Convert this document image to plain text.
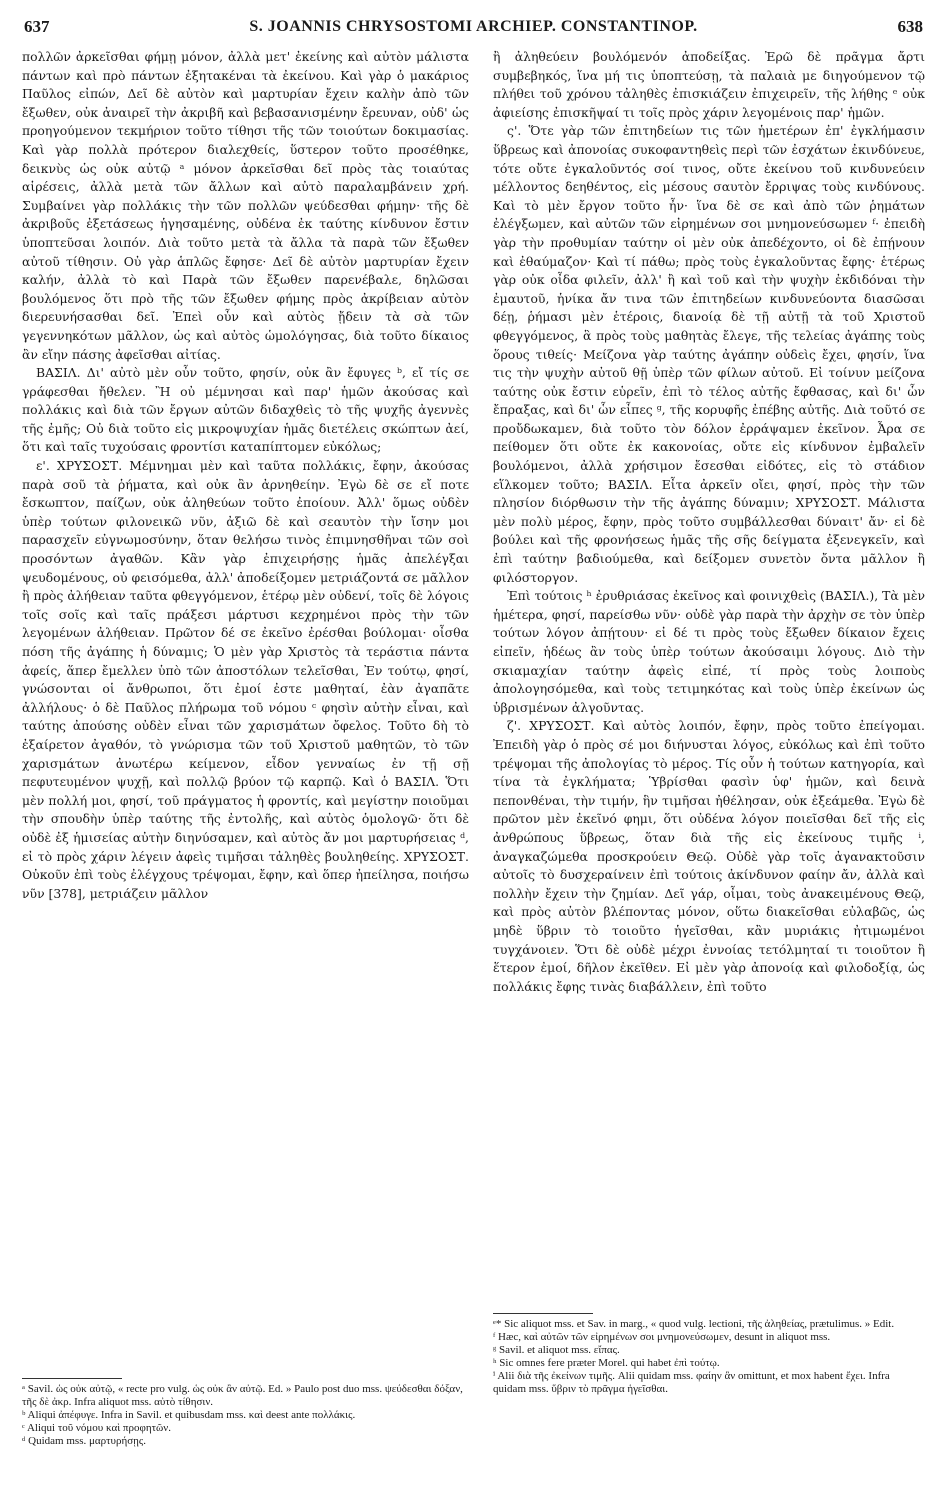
637	S. JOANNIS CHRYSOSTOMI ARCHIEP. CONSTANTINOP.	638

πολλῶν ἀρκεῖσθαι φήμῃ μόνον, ἀλλὰ μετ' ἐκείνης καὶ αὐτὸν μάλιστα πάντων καὶ πρὸ πάντων ἐξητακέναι τὰ ἐκείνου. Καὶ γὰρ ὁ μακάριος Παῦλος εἰπών, Δεῖ δὲ αὐτὸν καὶ μαρτυρίαν ἔχειν καλὴν ἀπὸ τῶν ἔξωθεν, οὐκ ἀναιρεῖ τὴν ἀκριβῆ καὶ βεβασανισμένην ἔρευναν, οὐδ' ὡς προηγούμενον τεκμήριον τοῦτο τίθησι τῆς τῶν τοιούτων δοκιμασίας. Καὶ γὰρ πολλὰ πρότερον διαλεχθείς, ὕστερον τοῦτο προσέθηκε, δεικνὺς ὡς οὐκ αὐτῷ ᵃ μόνον ἀρκεῖσθαι δεῖ πρὸς τὰς τοιαύτας αἱρέσεις, ἀλλὰ μετὰ τῶν ἄλλων καὶ αὐτὸ παραλαμβάνειν χρή. Συμβαίνει γὰρ πολλάκις τὴν τῶν πολλῶν ψεύδεσθαι φήμην· τῆς δὲ ἀκριβοῦς ἐξετάσεως ἡγησαμένης, οὐδένα ἐκ ταύτης κίνδυνον ἔστιν ὑποπτεῦσαι λοιπόν. Διὰ τοῦτο μετὰ τὰ ἄλλα τὰ παρὰ τῶν ἔξωθεν αὐτοῦ τίθησιν. Οὐ γὰρ ἁπλῶς ἔφησε· Δεῖ δὲ αὐτὸν μαρτυρίαν ἔχειν καλήν, ἀλλὰ τὸ καὶ Παρὰ τῶν ἔξωθεν παρενέβαλε, δηλῶσαι βουλόμενος ὅτι πρὸ τῆς τῶν ἔξωθεν φήμης πρὸς ἀκρίβειαν αὐτὸν διερευνήσασθαι δεῖ. Ἐπεὶ οὖν καὶ αὐτὸς ᾔδειν τὰ σὰ τῶν γεγεννηκότων μᾶλλον, ὡς καὶ αὐτὸς ὡμολόγησας, διὰ τοῦτο δίκαιος ἂν εἴην πάσης ἀφεῖσθαι αἰτίας.

ΒΑΣΙΛ. Δι' αὐτὸ μὲν οὖν τοῦτο, φησίν, οὐκ ἂν ἔφυγες ᵇ, εἴ τίς σε γράφεσθαι ἤθελεν. Ἢ οὐ μέμνησαι καὶ παρ' ἡμῶν ἀκούσας καὶ πολλάκις καὶ διὰ τῶν ἔργων αὐτῶν διδαχθεὶς τὸ τῆς ψυχῆς ἀγεννὲς τῆς ἐμῆς; Οὐ διὰ τοῦτο εἰς μικροψυχίαν ἡμᾶς διετέλεις σκώπτων ἀεί, ὅτι καὶ ταῖς τυχούσαις φροντίσι καταπίπτομεν εὐκόλως;

ε'. ΧΡΥΣΟΣΤ. Μέμνημαι μὲν καὶ ταῦτα πολλάκις, ἔφην, ἀκούσας παρὰ σοῦ τὰ ῥήματα, καὶ οὐκ ἂν ἀρνηθείην. Ἐγὼ δὲ σε εἴ ποτε ἔσκωπτον, παίζων, οὐκ ἀληθεύων τοῦτο ἐποίουν. Ἀλλ' ὅμως οὐδὲν ὑπὲρ τούτων φιλονεικῶ νῦν, ἀξιῶ δὲ καὶ σεαυτὸν τὴν ἴσην μοι παρασχεῖν εὐγνωμοσύνην, ὅταν θελήσω τινὸς ἐπιμνησθῆναι τῶν σοὶ προσόντων ἀγαθῶν. Κἂν γὰρ ἐπιχειρήσῃς ἡμᾶς ἀπελέγξαι ψευδομένους, οὐ φεισόμεθα, ἀλλ' ἀποδείξομεν μετριάζοντά σε μᾶλλον ἢ πρὸς ἀλήθειαν ταῦτα φθεγγόμενον, ἑτέρῳ μὲν οὐδενί, τοῖς δὲ λόγοις τοῖς σοῖς καὶ ταῖς πράξεσι μάρτυσι κεχρημένοι πρὸς τὴν τῶν λεγομένων ἀλήθειαν. Πρῶτον δέ σε ἐκεῖνο ἐρέσθαι βούλομαι· οἶσθα πόση τῆς ἀγάπης ἡ δύναμις; Ὁ μὲν γὰρ Χριστὸς τὰ τεράστια πάντα ἀφείς, ἅπερ ἔμελλεν ὑπὸ τῶν ἀποστόλων τελεῖσθαι, Ἐν τούτῳ, φησί, γνώσονται οἱ ἄνθρωποι, ὅτι ἐμοί ἐστε μαθηταί, ἐὰν ἀγαπᾶτε ἀλλήλους· ὁ δὲ Παῦλος πλήρωμα τοῦ νόμου ᶜ φησὶν αὐτὴν εἶναι, καὶ ταύτης ἀπούσης οὐδὲν εἶναι τῶν χαρισμάτων ὄφελος. Τοῦτο δὴ τὸ ἐξαίρετον ἀγαθόν, τὸ γνώρισμα τῶν τοῦ Χριστοῦ μαθητῶν, τὸ τῶν χαρισμάτων ἀνωτέρω κείμενον, εἶδον γενναίως ἐν τῇ σῇ πεφυτευμένον ψυχῇ, καὶ πολλῷ βρύον τῷ καρπῷ. Καὶ ὁ ΒΑΣΙΛ. Ὅτι μὲν πολλή μοι, φησί, τοῦ πράγματος ἡ φροντίς, καὶ μεγίστην ποιοῦμαι τὴν σπουδὴν ὑπὲρ ταύτης τῆς ἐντολῆς, καὶ αὐτὸς ὁμολογῶ· ὅτι δὲ οὐδὲ ἐξ ἡμισείας αὐτὴν διηνύσαμεν, καὶ αὐτὸς ἄν μοι μαρτυρήσειας ᵈ, εἰ τὸ πρὸς χάριν λέγειν ἀφεὶς τιμῆσαι τἀληθὲς βουληθείης. ΧΡΥΣΟΣΤ. Οὐκοῦν ἐπὶ τοὺς ἐλέγχους τρέψομαι, ἔφην, καὶ ὅπερ ἠπείλησα, ποιήσω νῦν [378], μετριάζειν μᾶλλον

ἢ ἀληθεύειν βουλόμενόν ἀποδείξας. Ἐρῶ δὲ πρᾶγμα ἄρτι συμβεβηκός, ἵνα μή τις ὑποπτεύσῃ, τὰ παλαιὰ με διηγούμενον τῷ πλήθει τοῦ χρόνου τἀληθὲς ἐπισκιάζειν ἐπιχειρεῖν, τῆς λήθης ᵉ οὐκ ἀφιείσης ἐπισκῆψαί τι τοῖς πρὸς χάριν λεγομένοις παρ' ἡμῶν.

ς'. Ὅτε γὰρ τῶν ἐπιτηδείων τις τῶν ἡμετέρων ἐπ' ἐγκλήμασιν ὕβρεως καὶ ἀπονοίας συκοφαντηθεὶς περὶ τῶν ἐσχάτων ἐκινδύνευε, τότε οὔτε ἐγκαλοῦντός σοί τινος, οὔτε ἐκείνου τοῦ κινδυνεύειν μέλλοντος δεηθέντος, εἰς μέσους σαυτὸν ἔρριψας τοὺς κινδύνους. Καὶ τὸ μὲν ἔργον τοῦτο ἦν· ἵνα δὲ σε καὶ ἀπὸ τῶν ῥημάτων ἐλέγξωμεν, καὶ αὐτῶν τῶν εἰρημένων σοι μνημονεύσωμεν ᶠ· ἐπειδὴ γὰρ τὴν προθυμίαν ταύτην οἱ μὲν οὐκ ἀπεδέχοντο, οἱ δὲ ἐπῄνουν καὶ ἐθαύμαζον· Καὶ τί πάθω; πρὸς τοὺς ἐγκαλοῦντας ἔφης· ἑτέρως γὰρ οὐκ οἶδα φιλεῖν, ἀλλ' ἢ καὶ τοῦ καὶ τὴν ψυχὴν ἐκδιδόναι τὴν ἐμαυτοῦ, ἡνίκα ἄν τινα τῶν ἐπιτηδείων κινδυνεύοντα διασῶσαι δέῃ, ῥήμασι μὲν ἑτέροις, διανοίᾳ δὲ τῇ αὐτῇ τὰ τοῦ Χριστοῦ φθεγγόμενος, ἃ πρὸς τοὺς μαθητὰς ἔλεγε, τῆς τελείας ἀγάπης τοὺς ὅρους τιθείς· Μείζονα γὰρ ταύτης ἀγάπην οὐδεὶς ἔχει, φησίν, ἵνα τις τὴν ψυχὴν αὐτοῦ θῇ ὑπὲρ τῶν φίλων αὐτοῦ. Εἰ τοίνυν μείζονα ταύτης οὐκ ἔστιν εὑρεῖν, ἐπὶ τὸ τέλος αὐτῆς ἔφθασας, καὶ δι' ὧν ἔπραξας, καὶ δι' ὧν εἶπες ᵍ, τῆς κορυφῆς ἐπέβης αὐτῆς. Διὰ τοῦτό σε προὔδωκαμεν, διὰ τοῦτο τὸν δόλον ἐρράψαμεν ἐκεῖνον. Ἆρα σε πείθομεν ὅτι οὔτε ἐκ κακονοίας, οὔτε εἰς κίνδυνον ἐμβαλεῖν βουλόμενοι, ἀλλὰ χρήσιμον ἔσεσθαι εἰδότες, εἰς τὸ στάδιον εἵλκομεν τοῦτο; ΒΑΣΙΛ. Εἶτα ἀρκεῖν οἴει, φησί, πρὸς τὴν τῶν πλησίον διόρθωσιν τὴν τῆς ἀγάπης δύναμιν; ΧΡΥΣΟΣΤ. Μάλιστα μὲν πολὺ μέρος, ἔφην, πρὸς τοῦτο συμβάλλεσθαι δύναιτ' ἄν· εἰ δὲ βούλει καὶ τῆς φρονήσεως ἡμᾶς τῆς σῆς δείγματα ἐξενεγκεῖν, καὶ ἐπὶ ταύτην βαδιούμεθα, καὶ δείξομεν συνετὸν ὄντα μᾶλλον ἢ φιλόστοργον.

Ἐπὶ τούτοις ʰ ἐρυθριάσας ἐκεῖνος καὶ φοινιχθεὶς (ΒΑΣΙΛ.), Τὰ μὲν ἡμέτερα, φησί, παρείσθω νῦν· οὐδὲ γὰρ παρὰ τὴν ἀρχὴν σε τὸν ὑπὲρ τούτων λόγον ἀπῄτουν· εἰ δέ τι πρὸς τοὺς ἔξωθεν δίκαιον ἔχεις εἰπεῖν, ἡδέως ἂν τοὺς ὑπὲρ τούτων ἀκούσαιμι λόγους. Διὸ τὴν σκιαμαχίαν ταύτην ἀφεὶς εἰπέ, τί πρὸς τοὺς λοιποὺς ἀπολογησόμεθα, καὶ τοὺς τετιμηκότας καὶ τοὺς ὑπὲρ ἐκείνων ὡς ὑβρισμένων ἀλγοῦντας.

ζ'. ΧΡΥΣΟΣΤ. Καὶ αὐτὸς λοιπόν, ἔφην, πρὸς τοῦτο ἐπείγομαι. Ἐπειδὴ γὰρ ὁ πρὸς σέ μοι διήνυσται λόγος, εὐκόλως καὶ ἐπὶ τοῦτο τρέψομαι τῆς ἀπολογίας τὸ μέρος. Τίς οὖν ἡ τούτων κατηγορία, καὶ τίνα τὰ ἐγκλήματα; Ὑβρίσθαι φασὶν ὑφ' ἡμῶν, καὶ δεινὰ πεπονθέναι, τὴν τιμήν, ἣν τιμῆσαι ἠθέλησαν, οὐκ ἐξεάμεθα. Ἐγὼ δὲ πρῶτον μὲν ἐκεῖνό φημι, ὅτι οὐδένα λόγον ποιεῖσθαι δεῖ τῆς εἰς ἀνθρώπους ὕβρεως, ὅταν διὰ τῆς εἰς ἐκείνους τιμῆς ⁱ, ἀναγκαζώμεθα προσκρούειν Θεῷ. Οὐδὲ γὰρ τοῖς ἀγανακτοῦσιν αὐτοῖς τὸ δυσχεραίνειν ἐπὶ τούτοις ἀκίνδυνον φαίην ἄν, ἀλλὰ καὶ πολλὴν ἔχειν τὴν ζημίαν. Δεῖ γάρ, οἶμαι, τοὺς ἀνακειμένους Θεῷ, καὶ πρὸς αὐτὸν βλέποντας μόνον, οὕτω διακεῖσθαι εὐλαβῶς, ὡς μηδὲ ὕβριν τὸ τοιοῦτο ἡγεῖσθαι, κἂν μυριάκις ἠτιμωμένοι τυγχάνοιεν. Ὅτι δὲ οὐδὲ μέχρι ἐννοίας τετόλμηταί τι τοιοῦτον ἢ ἕτερον ἐμοί, δῆλον ἐκεῖθεν. Εἰ μὲν γὰρ ἀπονοίᾳ καὶ φιλοδοξίᾳ, ὡς πολλάκις ἔφης τινὰς διαβάλλειν, ἐπὶ τοῦτο

ᵃ Savil. ὡς οὐκ αὐτῷ, « recte pro vulg. ὡς οὐκ ἂν αὐτῷ. Ed. » Paulo post duo mss. ψεύδεσθαι δόξαν, τῆς δὲ ἀκρ. Infra aliquot mss. αὐτὸ τίθησιν.

ᵇ Aliqui ἀπέφυγε. Infra in Savil. et quibusdam mss. καὶ deest ante πολλάκις.

ᶜ Aliqui τοῦ νόμου καὶ προφητῶν.

ᵈ Quidam mss. μαρτυρήσῃς.

ᵉ* Sic aliquot mss. et Sav. in marg., « quod vulg. lectioni, τῆς ἀληθείας, prætulimus. » Edit.

ᶠ Hæc, καὶ αὐτῶν τῶν εἰρημένων σοι μνημονεύσωμεν, desunt in aliquot mss.

ᵍ Savil. et aliquot mss. εἴπας.

ʰ Sic omnes fere præter Morel. qui habet ἐπὶ τούτῳ.

ⁱ Alii διὰ τῆς ἐκείνων τιμῆς. Alii quidam mss. φαίην ἂν omittunt, et mox habent ἔχει. Infra quidam mss. ὕβριν τὸ πρᾶγμα ἡγεῖσθαι.
